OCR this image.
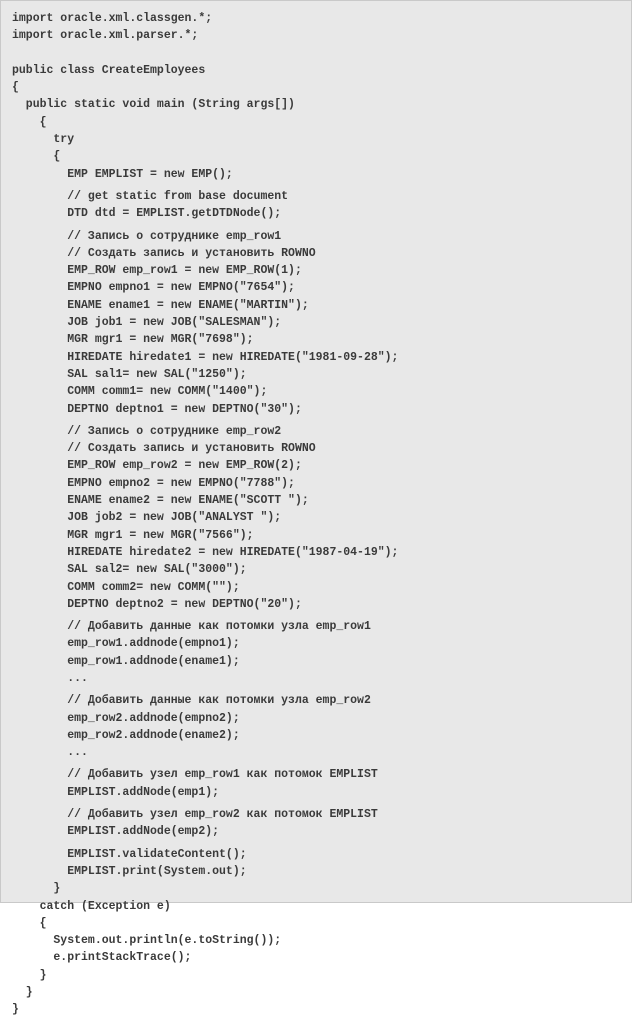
import oracle.xml.classgen.*;
import oracle.xml.parser.*;
public class CreateEmployees
{
public static void main (String args[])
{
try
{
EMP EMPLIST = new EMP();
// get static from base document
DTD dtd = EMPLIST.getDTDNode();
// Запись о сотруднике emp_row1
// Создать запись и установить ROWNO
EMP_ROW emp_row1 = new EMP_ROW(1);
EMPNO empno1 = new EMPNO("7654");
ENAME ename1 = new ENAME("MARTIN");
JOB job1 = new JOB("SALESMAN");
MGR mgr1 = new MGR("7698");
HIREDATE hiredate1 = new HIREDATE("1981-09-28");
SAL sal1= new SAL("1250");
COMM comm1= new COMM("1400");
DEPTNO deptno1 = new DEPTNO("30");
// Запись о сотруднике emp_row2
// Создать запись и установить ROWNO
EMP_ROW emp_row2 = new EMP_ROW(2);
EMPNO empno2 = new EMPNO("7788");
ENAME ename2 = new ENAME("SCOTT ");
JOB job2 = new JOB("ANALYST ");
MGR mgr1 = new MGR("7566");
HIREDATE hiredate2 = new HIREDATE("1987-04-19");
SAL sal2= new SAL("3000");
COMM comm2= new COMM("");
DEPTNO deptno2 = new DEPTNO("20");
// Добавить данные как потомки узла emp_row1
emp_row1.addnode(empno1);
emp_row1.addnode(ename1);
...
// Добавить данные как потомки узла emp_row2
emp_row2.addnode(empno2);
emp_row2.addnode(ename2);
...
// Добавить узел emp_row1 как потомок EMPLIST
EMPLIST.addNode(emp1);
// Добавить узел emp_row2 как потомок EMPLIST
EMPLIST.addNode(emp2);
EMPLIST.validateContent();
EMPLIST.print(System.out);
}
catch (Exception e)
{
System.out.println(e.toString());
e.printStackTrace();
}
}
}
